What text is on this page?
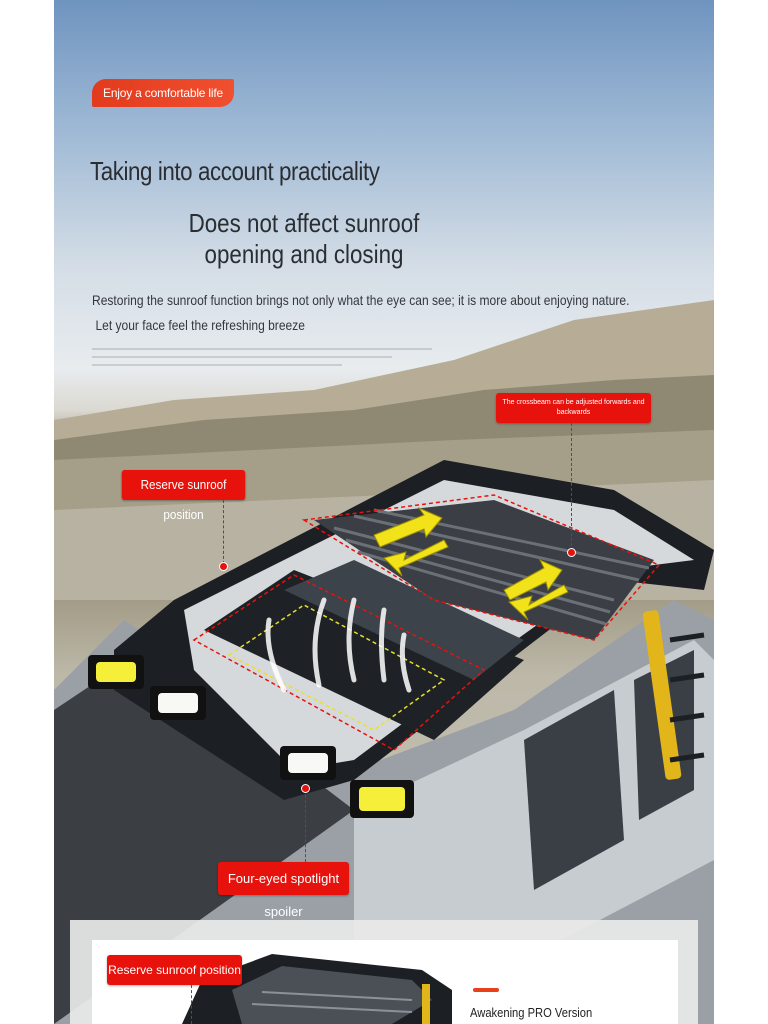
Enjoy a comfortable life
Taking into account practicality
Does not affect sunroof
opening and closing
Restoring the sunroof function brings not only what the eye can see; it is more about enjoying nature.
Let your face feel the refreshing breeze
The crossbeam can be adjusted forwards and backwards
Reserve sunroof position
Four-eyed spotlight spoiler
Reserve sunroof position
Awakening PRO Version
